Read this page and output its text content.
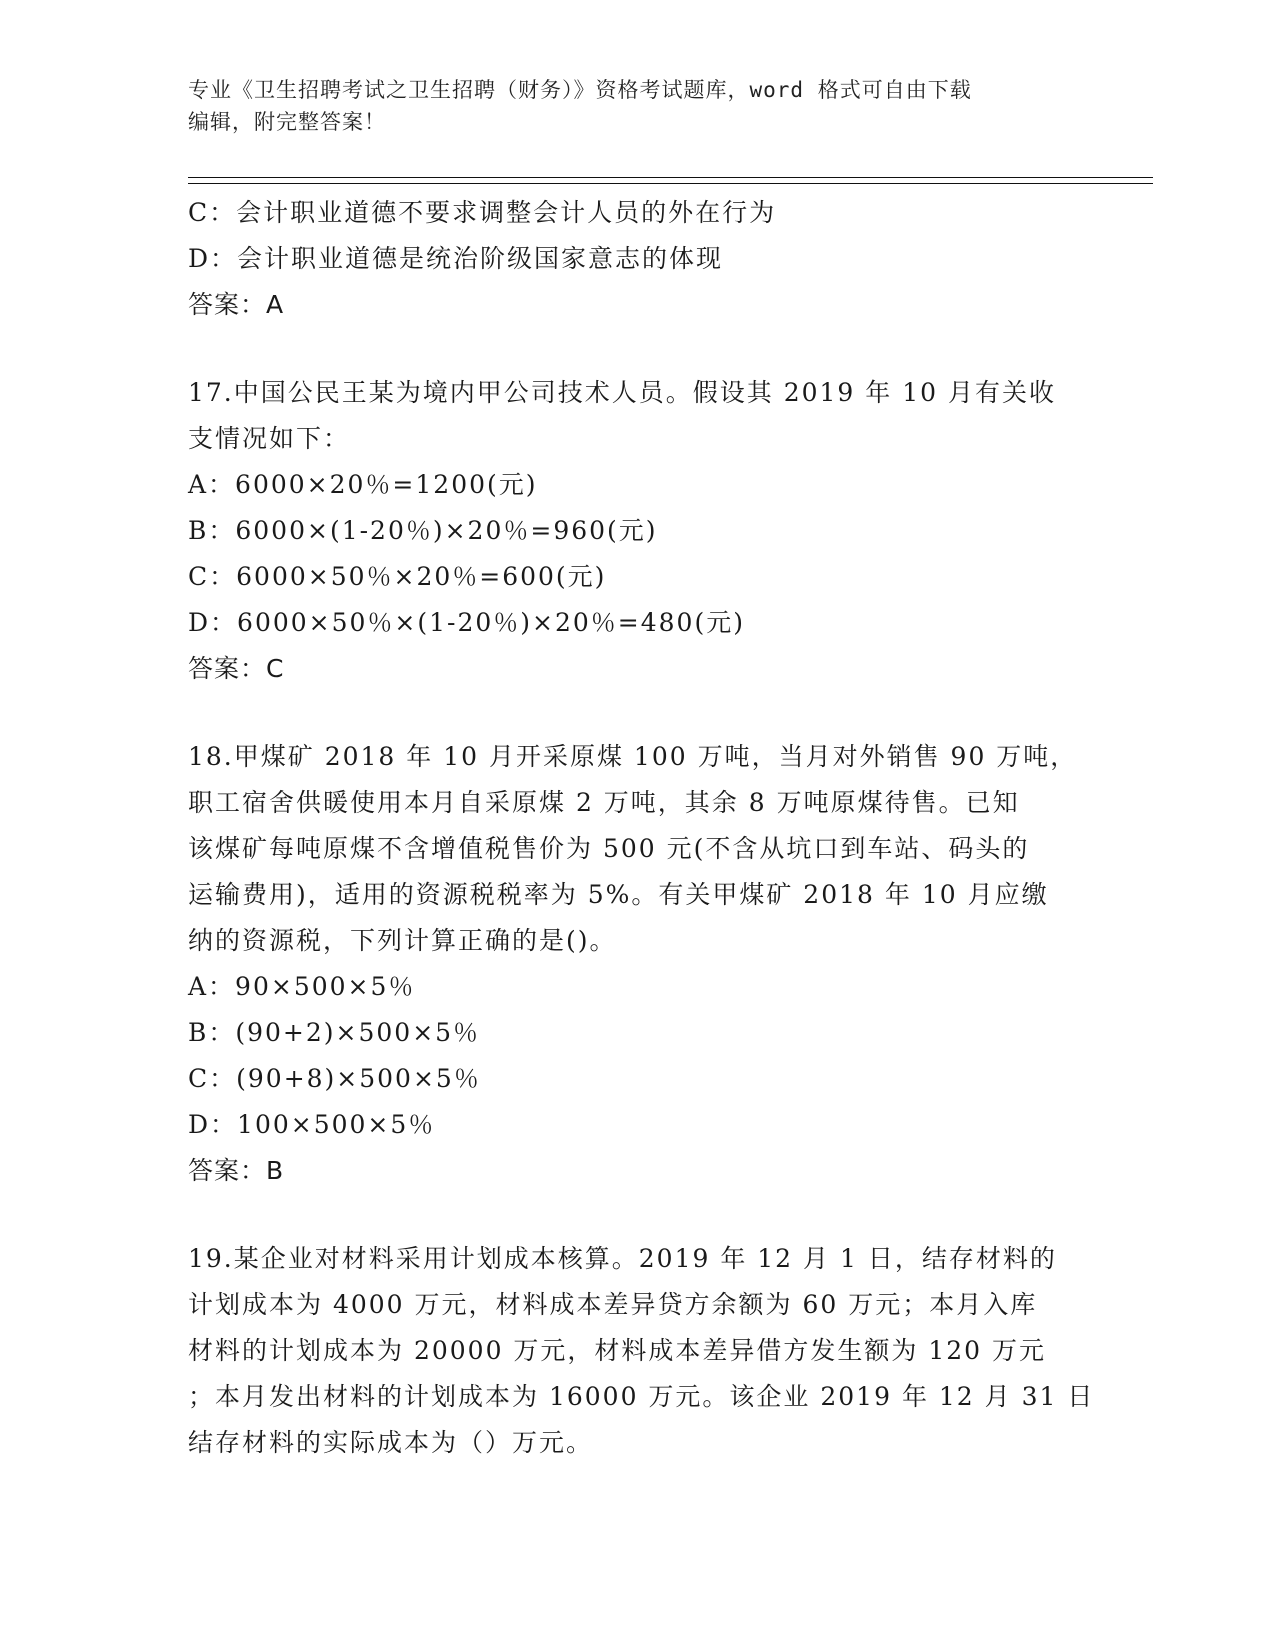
专业《卫生招聘考试之卫生招聘（财务）》资格考试题库，word 格式可自由下载
编辑，附完整答案！
C：会计职业道德不要求调整会计人员的外在行为
D：会计职业道德是统治阶级国家意志的体现
答案：A
17.中国公民王某为境内甲公司技术人员。假设其 2019 年 10 月有关收
支情况如下：
A：6000×20％=1200(元)
B：6000×(1-20％)×20％=960(元)
C：6000×50％×20％=600(元)
D：6000×50％×(1-20％)×20％=480(元)
答案：C
18.甲煤矿 2018 年 10 月开采原煤 100 万吨，当月对外销售 90 万吨，
职工宿舍供暖使用本月自采原煤 2 万吨，其余 8 万吨原煤待售。已知
该煤矿每吨原煤不含增值税售价为 500 元(不含从坑口到车站、码头的
运输费用)，适用的资源税税率为 5%。有关甲煤矿 2018 年 10 月应缴
纳的资源税，下列计算正确的是()。
A：90×500×5％
B：(90+2)×500×5％
C：(90+8)×500×5％
D：100×500×5％
答案：B
19.某企业对材料采用计划成本核算。2019 年 12 月 1 日，结存材料的
计划成本为 4000 万元，材料成本差异贷方余额为 60 万元；本月入库
材料的计划成本为 20000 万元，材料成本差异借方发生额为 120 万元
；本月发出材料的计划成本为 16000 万元。该企业 2019 年 12 月 31 日
结存材料的实际成本为（）万元。
